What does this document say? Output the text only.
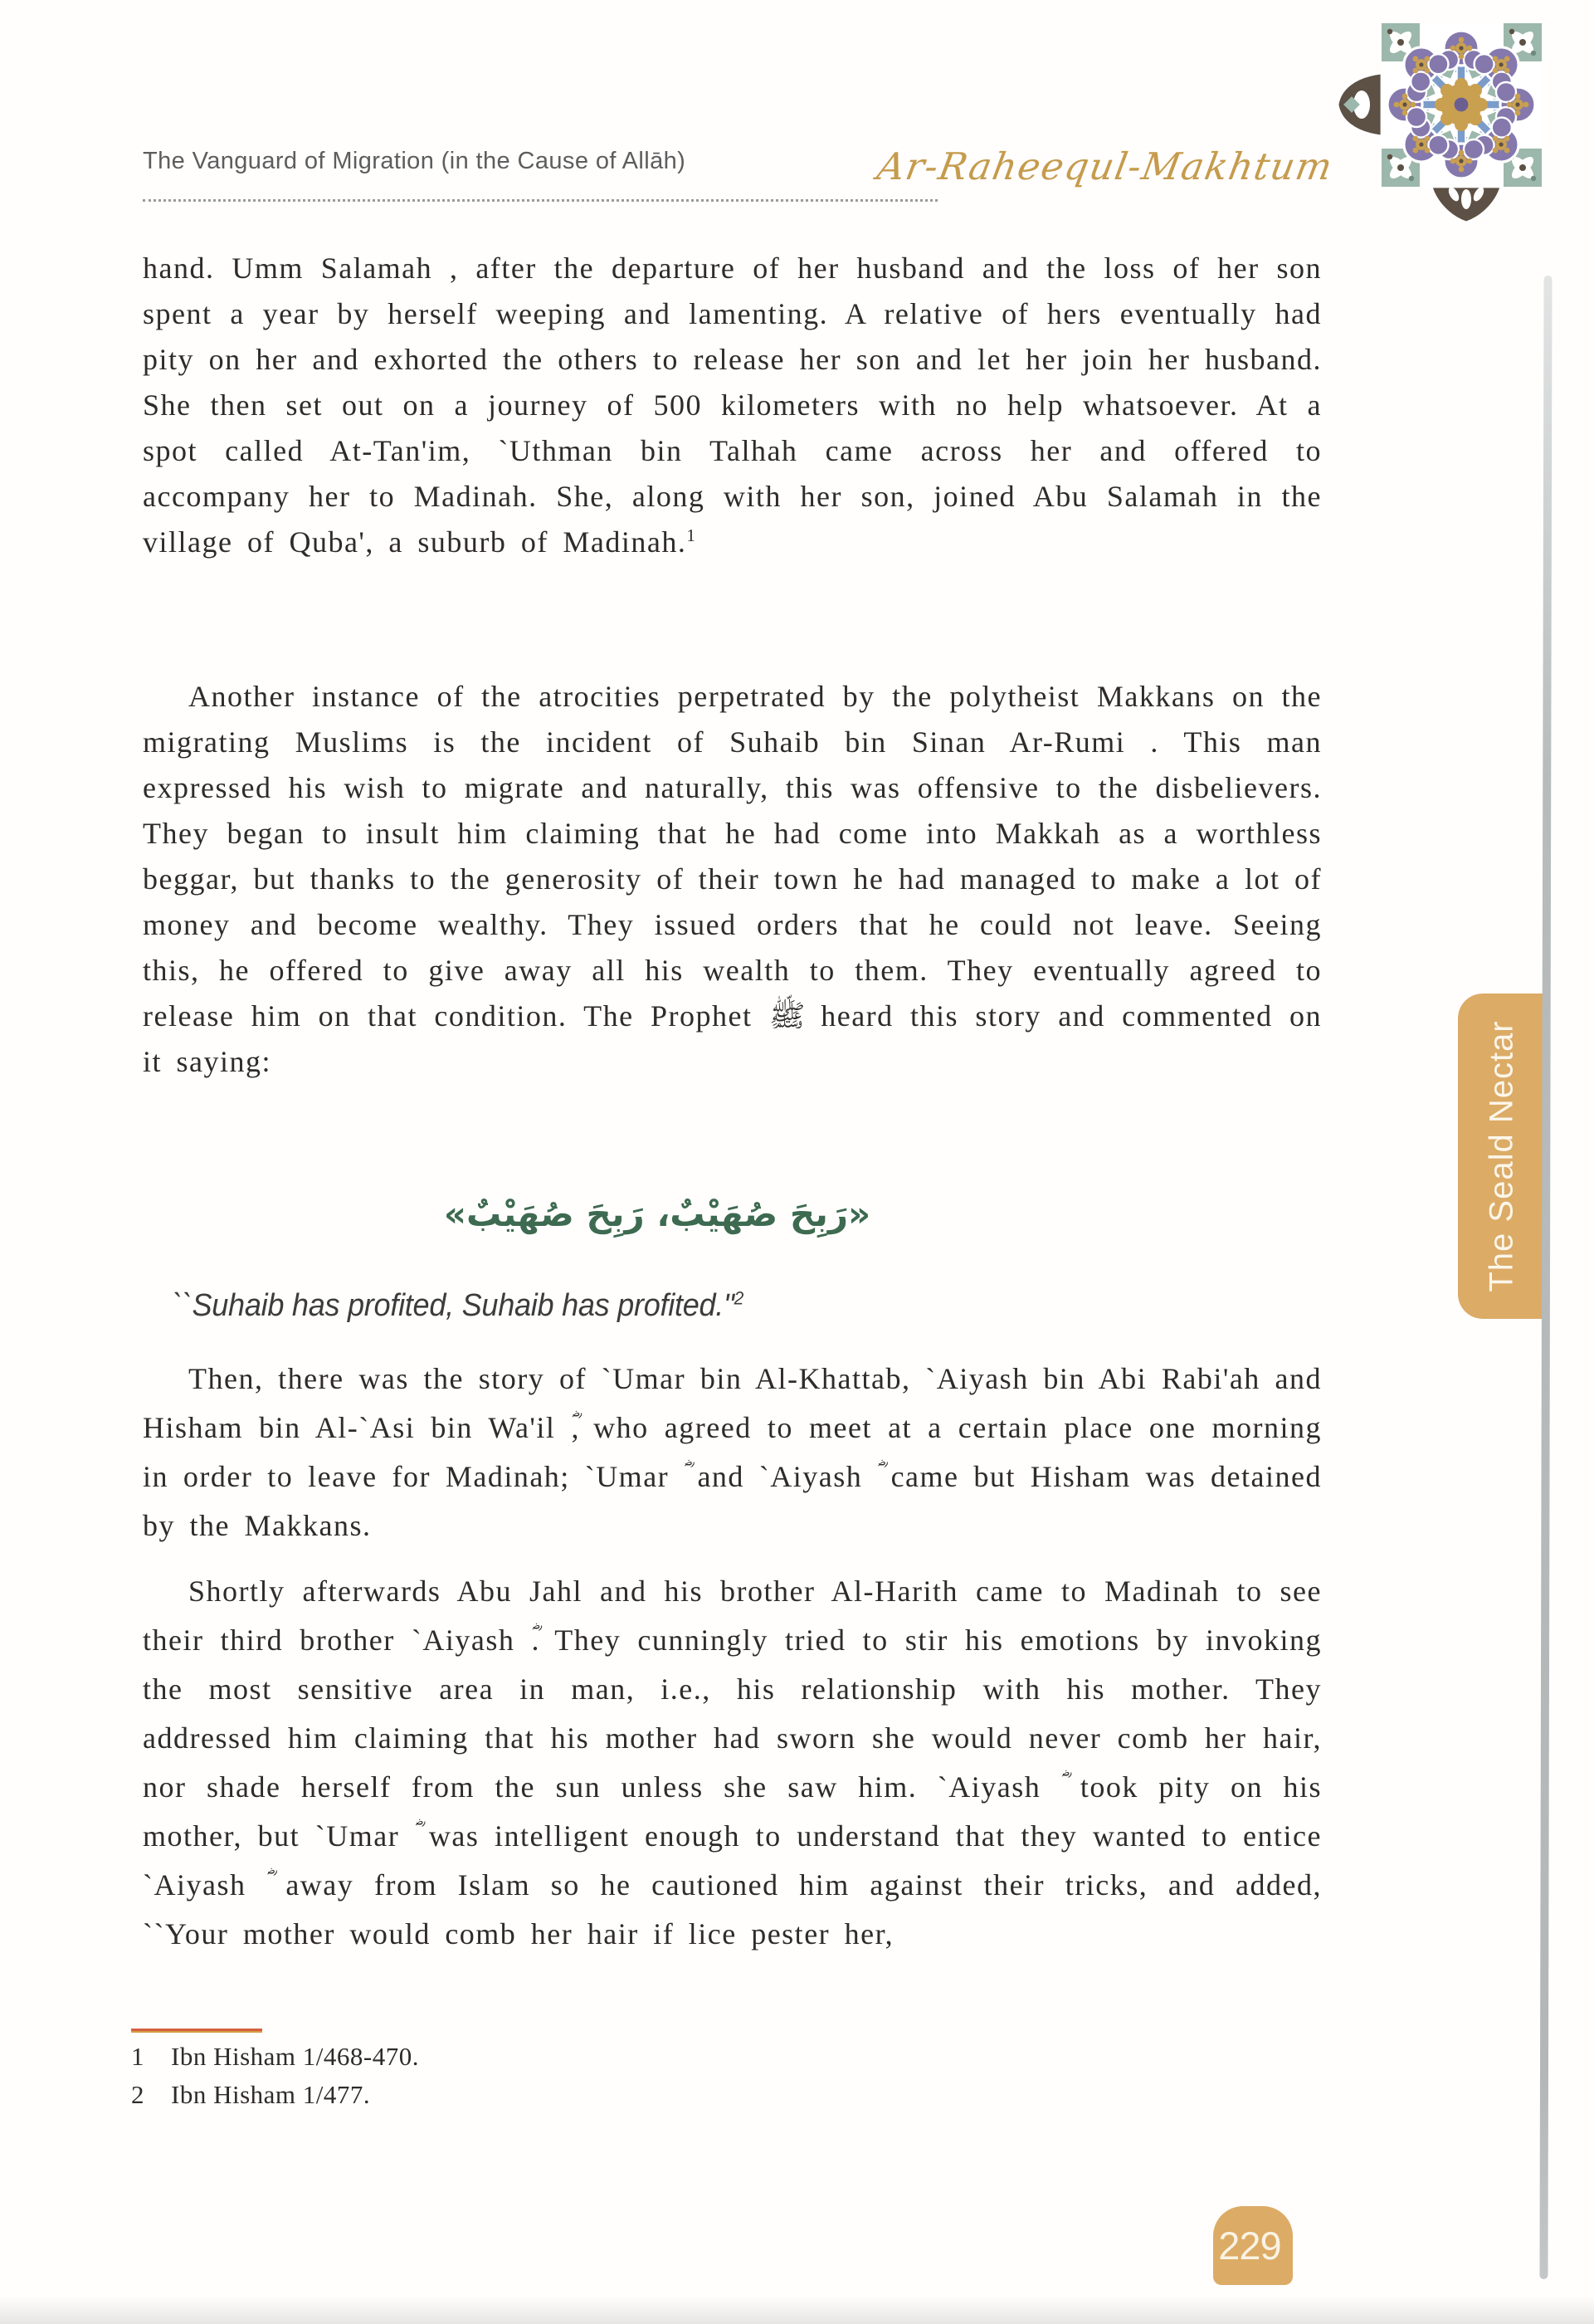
The Vanguard of Migration (in the Cause of Allāh)	Ar-Raheequl-Makhtum

hand. Umm Salamah , after the departure of her husband and the loss of her son spent a year by herself weeping and lamenting. A relative of hers eventually had pity on her and exhorted the others to release her son and let her join her husband. She then set out on a journey of 500 kilometers with no help whatsoever. At a spot called At-Tan'im, `Uthman bin Talhah came across her and offered to accompany her to Madinah. She, along with her son, joined Abu Salamah in the village of Quba', a suburb of Madinah.$^1$

Another instance of the atrocities perpetrated by the polytheist Makkans on the migrating Muslims is the incident of Suhaib bin Sinan Ar-Rumi . This man expressed his wish to migrate and naturally, this was offensive to the disbelievers. They began to insult him claiming that he had come into Makkah as a worthless beggar, but thanks to the generosity of their town he had managed to make a lot of money and become wealthy. They issued orders that he could not leave. Seeing this, he offered to give away all his wealth to them. They eventually agreed to release him on that condition. The Prophet ﷺ heard this story and commented on it saying:

«رَبِحَ صُهَيْبٌ، رَبِحَ صُهَيْبٌ»
``Suhaib has profited, Suhaib has profited."$^2$

Then, there was the story of `Umar bin Al-Khattab, `Aiyash bin Abi Rabi'ah and Hisham bin Al-`Asi bin Wa'il ؓ, who agreed to meet at a certain place one morning in order to leave for Madinah; `Umar ؓ and `Aiyash ؓ came but Hisham was detained by the Makkans.

Shortly afterwards Abu Jahl and his brother Al-Harith came to Madinah to see their third brother `Aiyash ؓ. They cunningly tried to stir his emotions by invoking the most sensitive area in man, i.e., his relationship with his mother. They addressed him claiming that his mother had sworn she would never comb her hair, nor shade herself from the sun unless she saw him. `Aiyash ؓ took pity on his mother, but `Umar ؓ was intelligent enough to understand that they wanted to entice `Aiyash ؓ away from Islam so he cautioned him against their tricks, and added, ``Your mother would comb her hair if lice pester her,

1 Ibn Hisham 1/468-470.
2 Ibn Hisham 1/477.
The Seald Nectar
229
